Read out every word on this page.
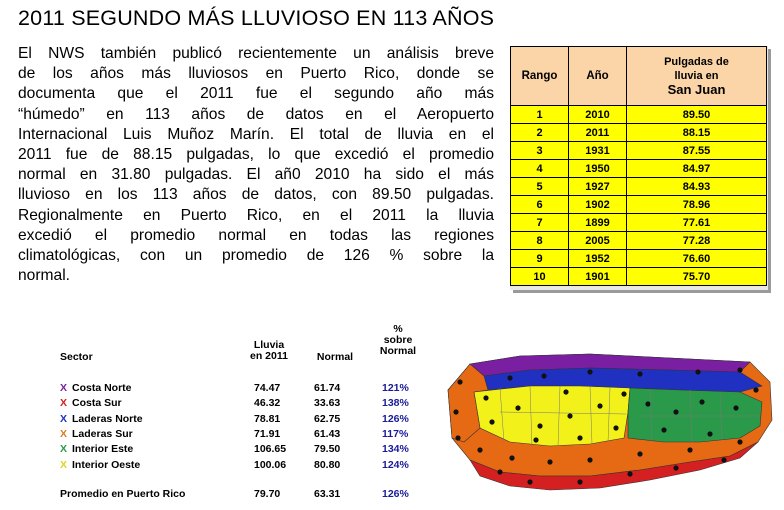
2011 SEGUNDO MÁS LLUVIOSO EN 113 AÑOS
El NWS también publicó recientemente un análisis breve
de los años más lluviosos en Puerto Rico, donde se
documenta que el 2011 fue el segundo año más
“húmedo” en 113 años de datos en el Aeropuerto
Internacional Luis Muñoz Marín. El total de lluvia en el
2011 fue de 88.15 pulgadas, lo que excedió el promedio
normal en 31.80 pulgadas. El añ0 2010 ha sido el más
lluvioso en los 113 años de datos, con 89.50 pulgadas.
Regionalmente en Puerto Rico, en el 2011 la lluvia
excedió el promedio normal en todas las regiones
climatológicas, con un promedio de 126 % sobre la
normal.
Rango	Año	Pulgadas de
lluvia en
San Juan
1	2010	89.50
2	2011	88.15
3	1931	87.55
4	1950	84.97
5	1927	84.93
6	1902	78.96
7	1899	77.61
8	2005	77.28
9	1952	76.60
10	1901	75.70
Sector
Lluvia
en 2011	Normal
%
sobre
Normal
X Costa Norte	74.47	61.74	121%
X Costa Sur	46.32	33.63	138%
X Laderas Norte	78.81	62.75	126%
X Laderas Sur	71.91	61.43	117%
X Interior Este	106.65	79.50	134%
X Interior Oeste	100.06	80.80	124%
Promedio en Puerto Rico	79.70	63.31	126%
